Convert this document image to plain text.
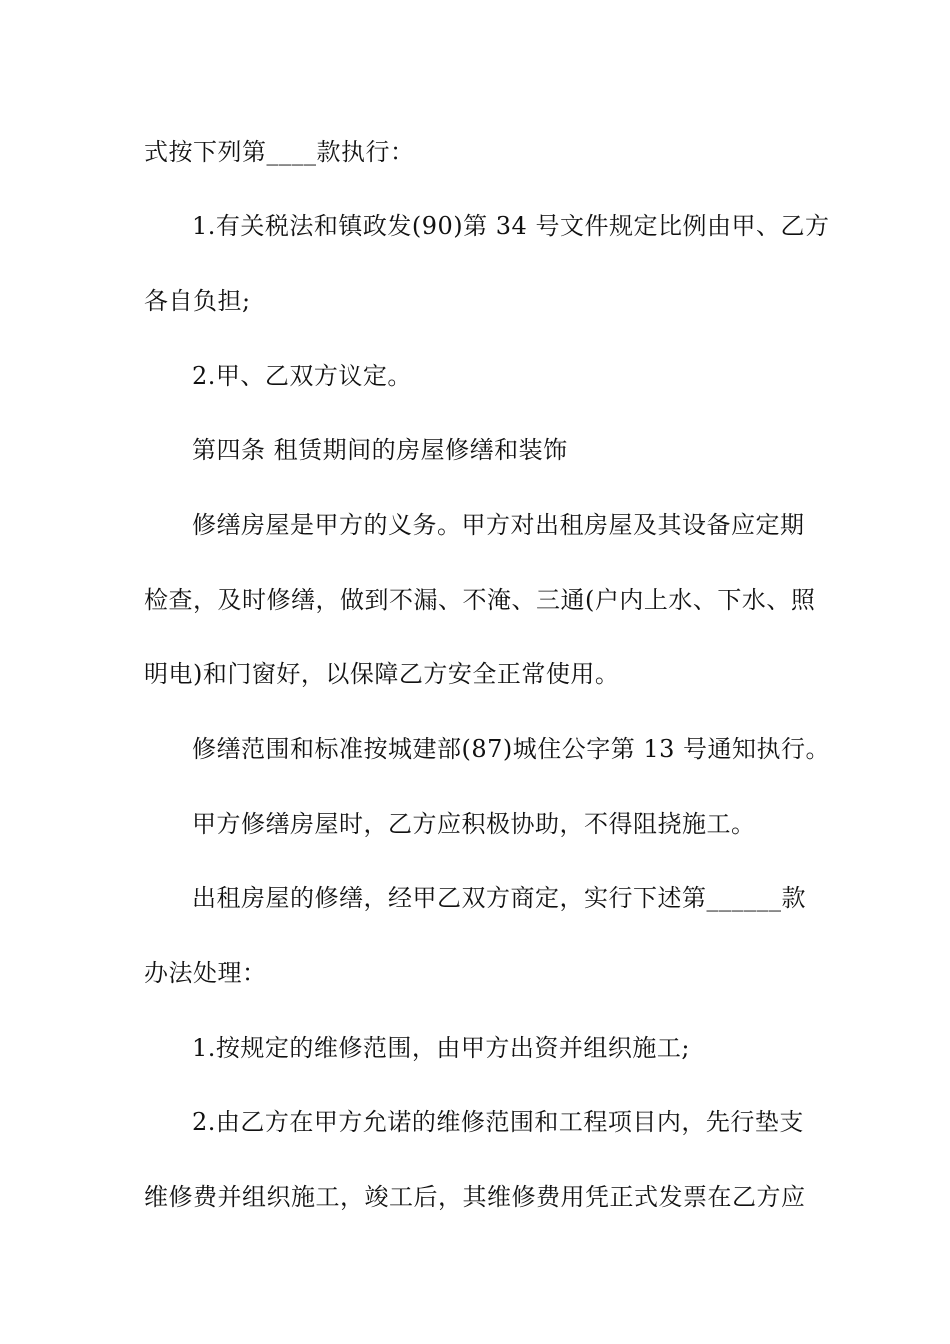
式按下列第____款执行：
1.有关税法和镇政发(90)第 34 号文件规定比例由甲、乙方
各自负担;
2.甲、乙双方议定。
第四条 租赁期间的房屋修缮和装饰
修缮房屋是甲方的义务。甲方对出租房屋及其设备应定期
检查，及时修缮，做到不漏、不淹、三通(户内上水、下水、照
明电)和门窗好，以保障乙方安全正常使用。
修缮范围和标准按城建部(87)城住公字第 13 号通知执行。
甲方修缮房屋时，乙方应积极协助，不得阻挠施工。
出租房屋的修缮，经甲乙双方商定，实行下述第______款
办法处理：
1.按规定的维修范围，由甲方出资并组织施工;
2.由乙方在甲方允诺的维修范围和工程项目内，先行垫支
维修费并组织施工，竣工后，其维修费用凭正式发票在乙方应
